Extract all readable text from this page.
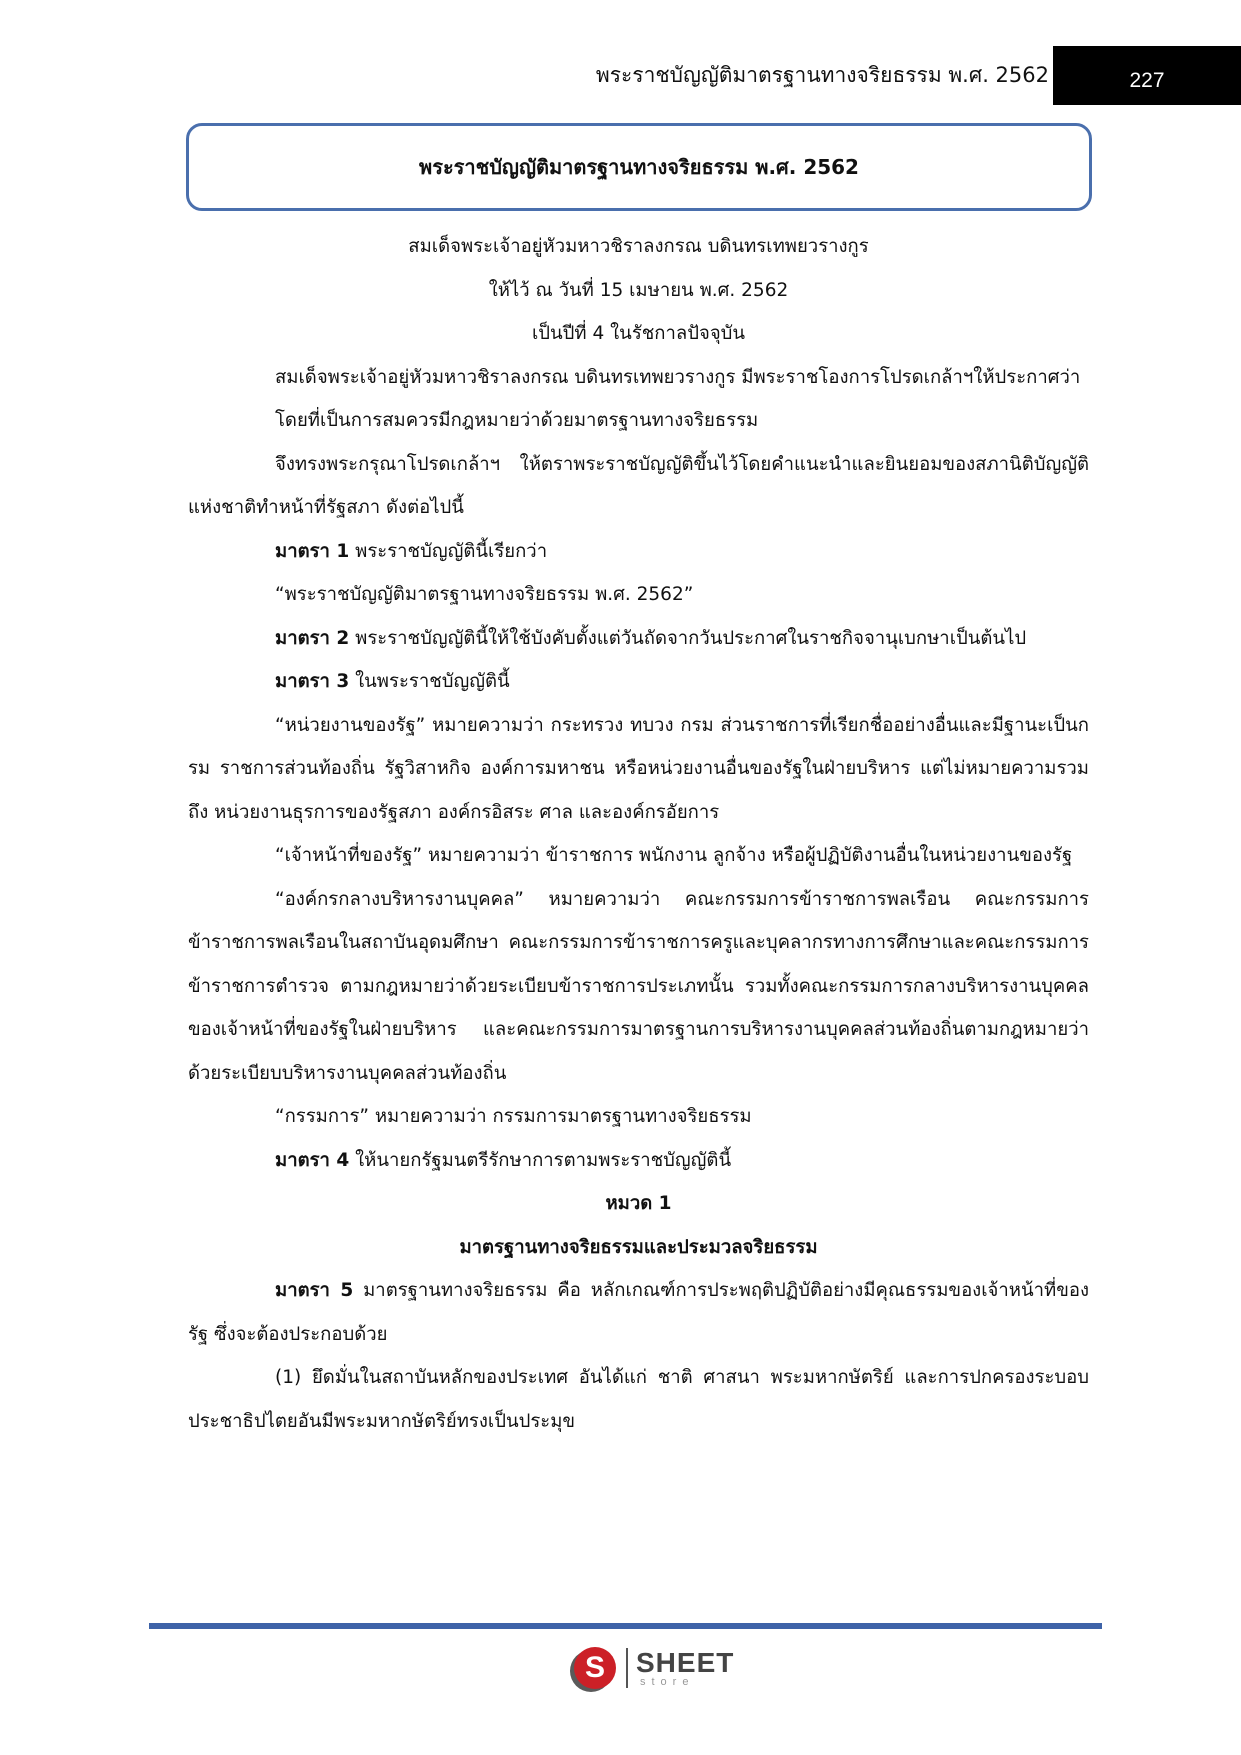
พระราชบัญญัติมาตรฐานทางจริยธรรม พ.ศ. 2562	227
พระราชบัญญัติมาตรฐานทางจริยธรรม พ.ศ. 2562

สมเด็จพระเจ้าอยู่หัวมหาวชิราลงกรณ บดินทรเทพยวรางกูร

ให้ไว้ ณ วันที่ 15 เมษายน พ.ศ. 2562

เป็นปีที่ 4 ในรัชกาลปัจจุบัน

สมเด็จพระเจ้าอยู่หัวมหาวชิราลงกรณ บดินทรเทพยวรางกูร มีพระราชโองการโปรดเกล้าฯให้ประกาศว่า

โดยที่เป็นการสมควรมีกฎหมายว่าด้วยมาตรฐานทางจริยธรรม

จึงทรงพระกรุณาโปรดเกล้าฯ ให้ตราพระราชบัญญัติขึ้นไว้โดยคำแนะนำและยินยอมของสภานิติบัญญัติแห่งชาติทำหน้าที่รัฐสภา ดังต่อไปนี้

มาตรา 1 พระราชบัญญัตินี้เรียกว่า

“พระราชบัญญัติมาตรฐานทางจริยธรรม พ.ศ. 2562”

มาตรา 2 พระราชบัญญัตินี้ให้ใช้บังคับตั้งแต่วันถัดจากวันประกาศในราชกิจจานุเบกษาเป็นต้นไป

มาตรา 3 ในพระราชบัญญัตินี้

“หน่วยงานของรัฐ” หมายความว่า กระทรวง ทบวง กรม ส่วนราชการที่เรียกชื่ออย่างอื่นและมีฐานะเป็นกรม ราชการส่วนท้องถิ่น รัฐวิสาหกิจ องค์การมหาชน หรือหน่วยงานอื่นของรัฐในฝ่ายบริหาร แต่ไม่หมายความรวมถึง หน่วยงานธุรการของรัฐสภา องค์กรอิสระ ศาล และองค์กรอัยการ

“เจ้าหน้าที่ของรัฐ” หมายความว่า ข้าราชการ พนักงาน ลูกจ้าง หรือผู้ปฏิบัติงานอื่นในหน่วยงานของรัฐ

“องค์กรกลางบริหารงานบุคคล” หมายความว่า คณะกรรมการข้าราชการพลเรือน คณะกรรมการข้าราชการพลเรือนในสถาบันอุดมศึกษา คณะกรรมการข้าราชการครูและบุคลากรทางการศึกษาและคณะกรรมการข้าราชการตำรวจ ตามกฎหมายว่าด้วยระเบียบข้าราชการประเภทนั้น รวมทั้งคณะกรรมการกลางบริหารงานบุคคลของเจ้าหน้าที่ของรัฐในฝ่ายบริหาร และคณะกรรมการมาตรฐานการบริหารงานบุคคลส่วนท้องถิ่นตามกฎหมายว่าด้วยระเบียบบริหารงานบุคคลส่วนท้องถิ่น

“กรรมการ” หมายความว่า กรรมการมาตรฐานทางจริยธรรม

มาตรา 4 ให้นายกรัฐมนตรีรักษาการตามพระราชบัญญัตินี้

หมวด 1

มาตรฐานทางจริยธรรมและประมวลจริยธรรม

มาตรา 5 มาตรฐานทางจริยธรรม คือ หลักเกณฑ์การประพฤติปฏิบัติอย่างมีคุณธรรมของเจ้าหน้าที่ของรัฐ ซึ่งจะต้องประกอบด้วย

(1) ยึดมั่นในสถาบันหลักของประเทศ อันได้แก่ ชาติ ศาสนา พระมหากษัตริย์ และการปกครองระบอบประชาธิปไตยอันมีพระมหากษัตริย์ทรงเป็นประมุข

S	SHEET
store
